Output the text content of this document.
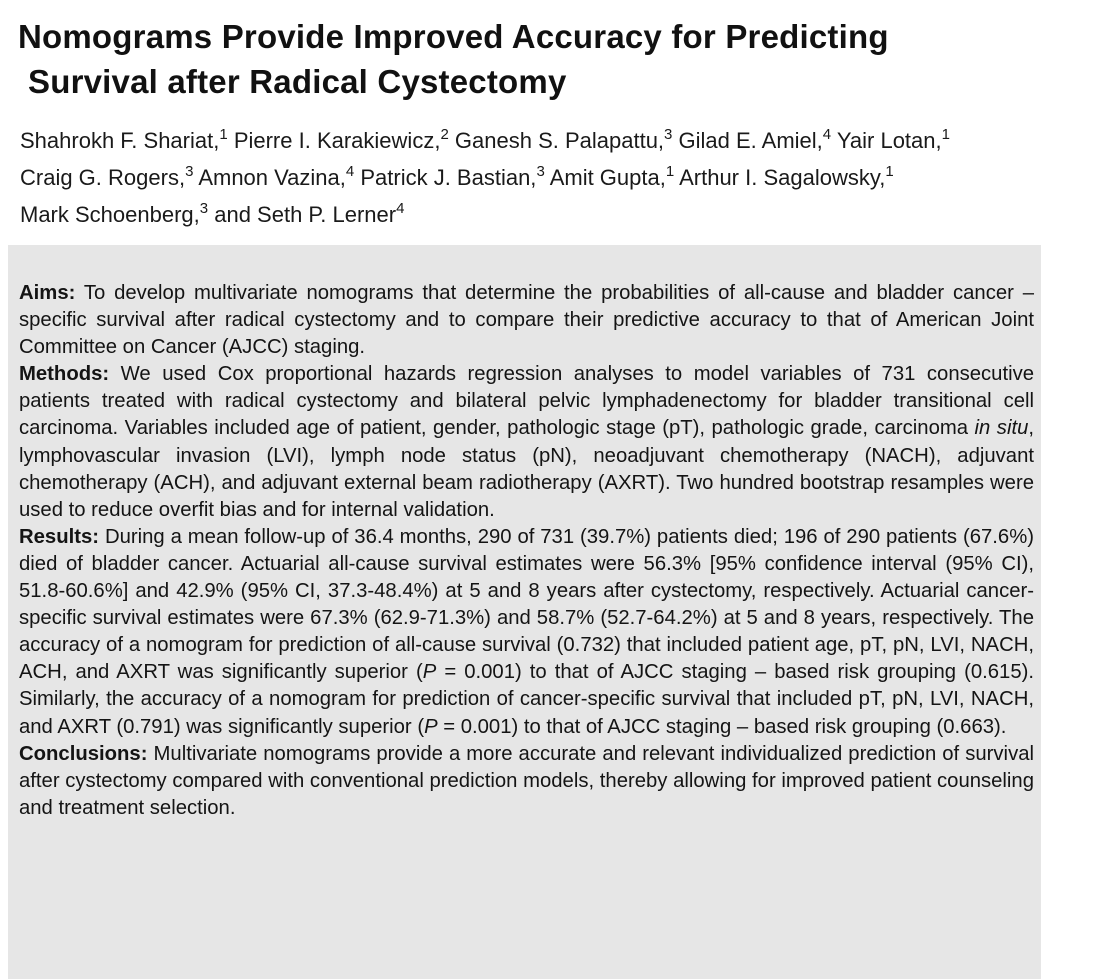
Nomograms Provide Improved Accuracy for Predicting
Survival after Radical Cystectomy
Shahrokh F. Shariat,$^1$ Pierre I. Karakiewicz,$^2$ Ganesh S. Palapattu,$^3$ Gilad E. Amiel,$^4$ Yair Lotan,$^1$
Craig G. Rogers,$^3$ Amnon Vazina,$^4$ Patrick J. Bastian,$^3$ Amit Gupta,$^1$ Arthur I. Sagalowsky,$^1$
Mark Schoenberg,$^3$ and Seth P. Lerner$^4$

Aims: To develop multivariate nomograms that determine the probabilities of all-cause and bladder cancer – specific survival after radical cystectomy and to compare their predictive accuracy to that of American Joint Committee on Cancer (AJCC) staging.

Methods: We used Cox proportional hazards regression analyses to model variables of 731 consecutive patients treated with radical cystectomy and bilateral pelvic lymphadenectomy for bladder transitional cell carcinoma. Variables included age of patient, gender, pathologic stage (pT), pathologic grade, carcinoma in situ, lymphovascular invasion (LVI), lymph node status (pN), neoadjuvant chemotherapy (NACH), adjuvant chemotherapy (ACH), and adjuvant external beam radiotherapy (AXRT). Two hundred bootstrap resamples were used to reduce overfit bias and for internal validation.

Results: During a mean follow-up of 36.4 months, 290 of 731 (39.7%) patients died; 196 of 290 patients (67.6%) died of bladder cancer. Actuarial all-cause survival estimates were 56.3% [95% confidence interval (95% CI), 51.8-60.6%] and 42.9% (95% CI, 37.3-48.4%) at 5 and 8 years after cystectomy, respectively. Actuarial cancer-specific survival estimates were 67.3% (62.9-71.3%) and 58.7% (52.7-64.2%) at 5 and 8 years, respectively. The accuracy of a nomogram for prediction of all-cause survival (0.732) that included patient age, pT, pN, LVI, NACH, ACH, and AXRT was significantly superior (P = 0.001) to that of AJCC staging – based risk grouping (0.615). Similarly, the accuracy of a nomogram for prediction of cancer-specific survival that included pT, pN, LVI, NACH, and AXRT (0.791) was significantly superior (P = 0.001) to that of AJCC staging – based risk grouping (0.663).

Conclusions: Multivariate nomograms provide a more accurate and relevant individualized prediction of survival after cystectomy compared with conventional prediction models, thereby allowing for improved patient counseling and treatment selection.
